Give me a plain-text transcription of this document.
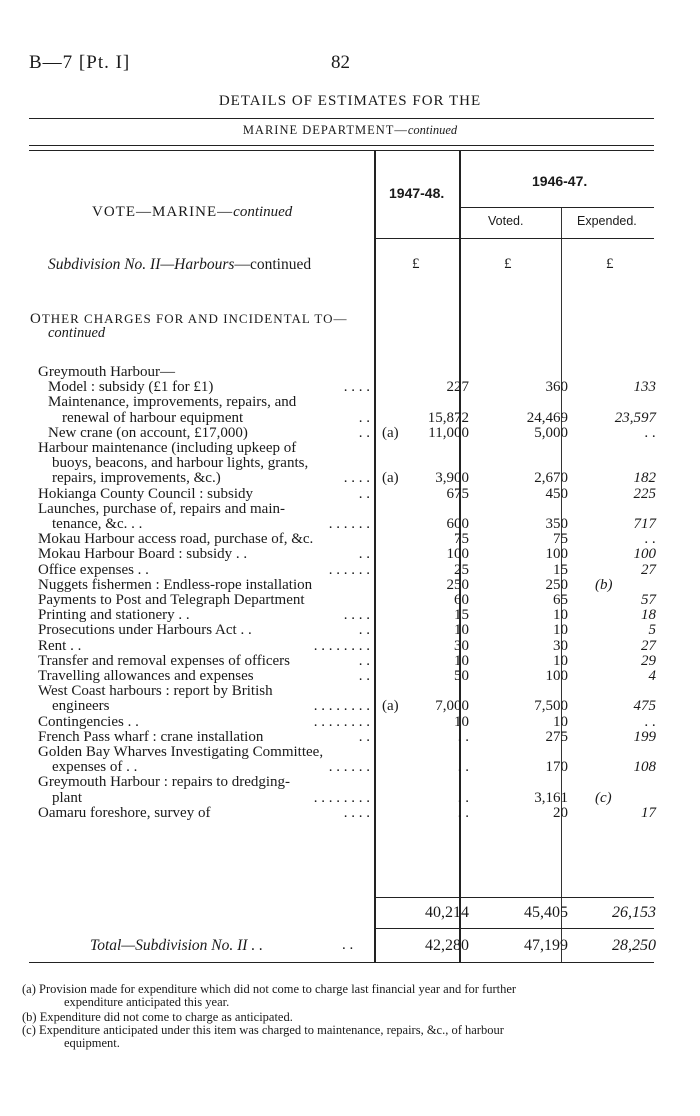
B—7 [Pt. I]	82
DETAILS OF ESTIMATES FOR THE
MARINE DEPARTMENT—continued
1947-48.
1946-47.
Voted.	Expended.
VOTE—MARINE—continued
Subdivision No. II—Harbours—continued	£	£	£
OTHER CHARGES FOR AND INCIDENTAL TO—
continued
Greymouth Harbour—
Model : subsidy (£1 for £1)	. . . .	227	360	133
Maintenance, improvements, repairs, and
renewal of harbour equipment	. .	15,872	24,469	23,597
New crane (on account, £17,000)	. . (a) 11,000	5,000	. .
Harbour maintenance (including upkeep of
buoys, beacons, and harbour lights, grants,
repairs, improvements, &c.)	. . . . (a) 3,900	2,670	182
Hokianga County Council : subsidy	. .	675	450	225
Launches, purchase of, repairs and main-
tenance, &c. . .	. . . . . .	600	350	717
Mokau Harbour access road, purchase of, &c.	75	75	. .
Mokau Harbour Board : subsidy . .	. .	100	100	100
Office expenses . .	. . . . . .	25	15	27
Nuggets fishermen : Endless-rope installation	250	250 (b)
Payments to Post and Telegraph Department	60	65	57
Printing and stationery . .	. . . .	15	10	18
Prosecutions under Harbours Act . .	. .	10	10	5
Rent . .	. . . . . . . .	30	30	27
Transfer and removal expenses of officers	. .	10	10	29
Travelling allowances and expenses	. .	50	100	4
West Coast harbours : report by British
engineers	. . . . . . . . (a) 7,000	7,500	475
Contingencies . .	. . . . . . . .	10	10	. .
French Pass wharf : crane installation	. .	. .	275	199
Golden Bay Wharves Investigating Committee,
expenses of . .	. . . . . .	. .	170	108
Greymouth Harbour : repairs to dredging-
plant	. . . . . . . .	. .	3,161 (c)
Oamaru foreshore, survey of	. . . .	. .	20	17
40,214	45,405	26,153
Total—Subdivision No. II . .	. .	42,280	47,199	28,250
(a) Provision made for expenditure which did not come to charge last financial year and for further
expenditure anticipated this year.
(b) Expenditure did not come to charge as anticipated.
(c) Expenditure anticipated under this item was charged to maintenance, repairs, &c., of harbour
equipment.
